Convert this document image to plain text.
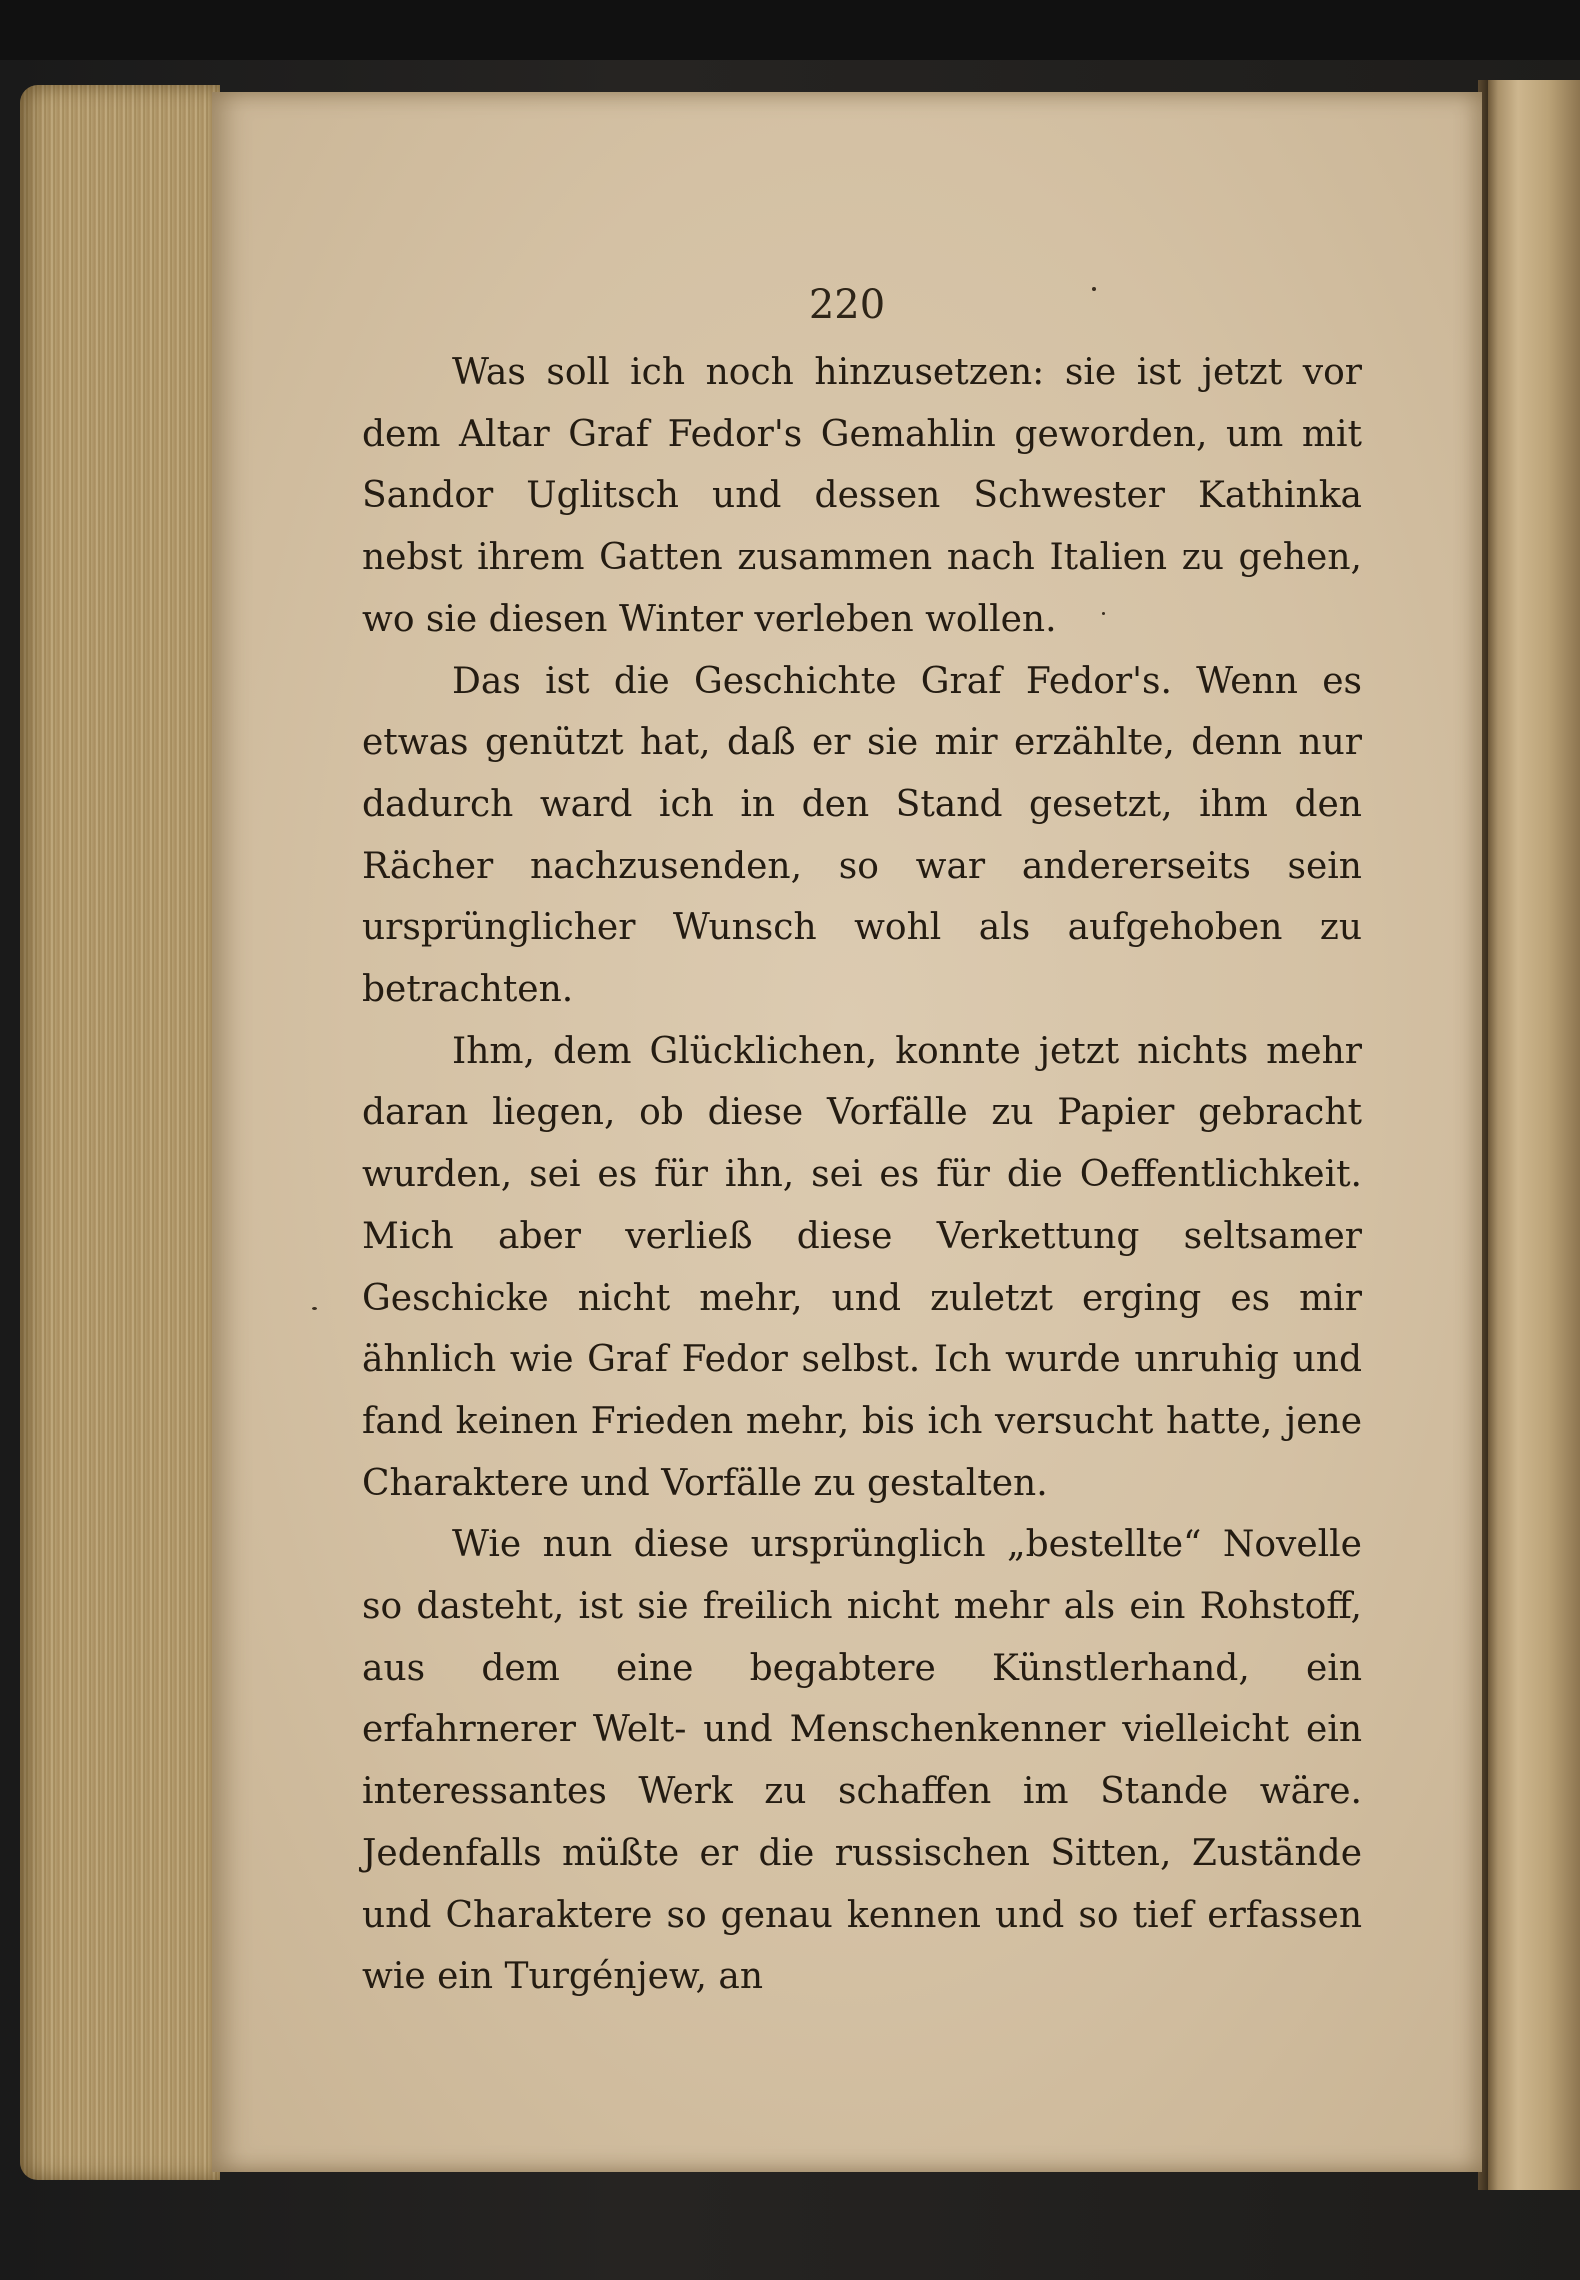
220

Was soll ich noch hinzusetzen: sie ist jetzt vor dem Altar Graf Fedor's Gemahlin geworden, um mit Sandor Uglitsch und dessen Schwester Kathinka nebst ihrem Gatten zusammen nach Italien zu gehen, wo sie diesen Winter verleben wollen.

Das ist die Geschichte Graf Fedor's. Wenn es etwas genützt hat, daß er sie mir erzählte, denn nur dadurch ward ich in den Stand gesetzt, ihm den Rächer nachzusenden, so war andererseits sein ursprünglicher Wunsch wohl als aufgehoben zu betrachten.

Ihm, dem Glücklichen, konnte jetzt nichts mehr daran liegen, ob diese Vorfälle zu Papier gebracht wurden, sei es für ihn, sei es für die Oeffentlichkeit. Mich aber verließ diese Verkettung seltsamer Geschicke nicht mehr, und zuletzt erging es mir ähnlich wie Graf Fedor selbst. Ich wurde unruhig und fand keinen Frieden mehr, bis ich versucht hatte, jene Charaktere und Vorfälle zu gestalten.

Wie nun diese ursprünglich „bestellte“ Novelle so dasteht, ist sie freilich nicht mehr als ein Rohstoff, aus dem eine begabtere Künstlerhand, ein erfahrnerer Welt- und Menschenkenner vielleicht ein interessantes Werk zu schaffen im Stande wäre. Jedenfalls müßte er die russischen Sitten, Zustände und Charaktere so genau kennen und so tief erfassen wie ein Turgénjew, an
